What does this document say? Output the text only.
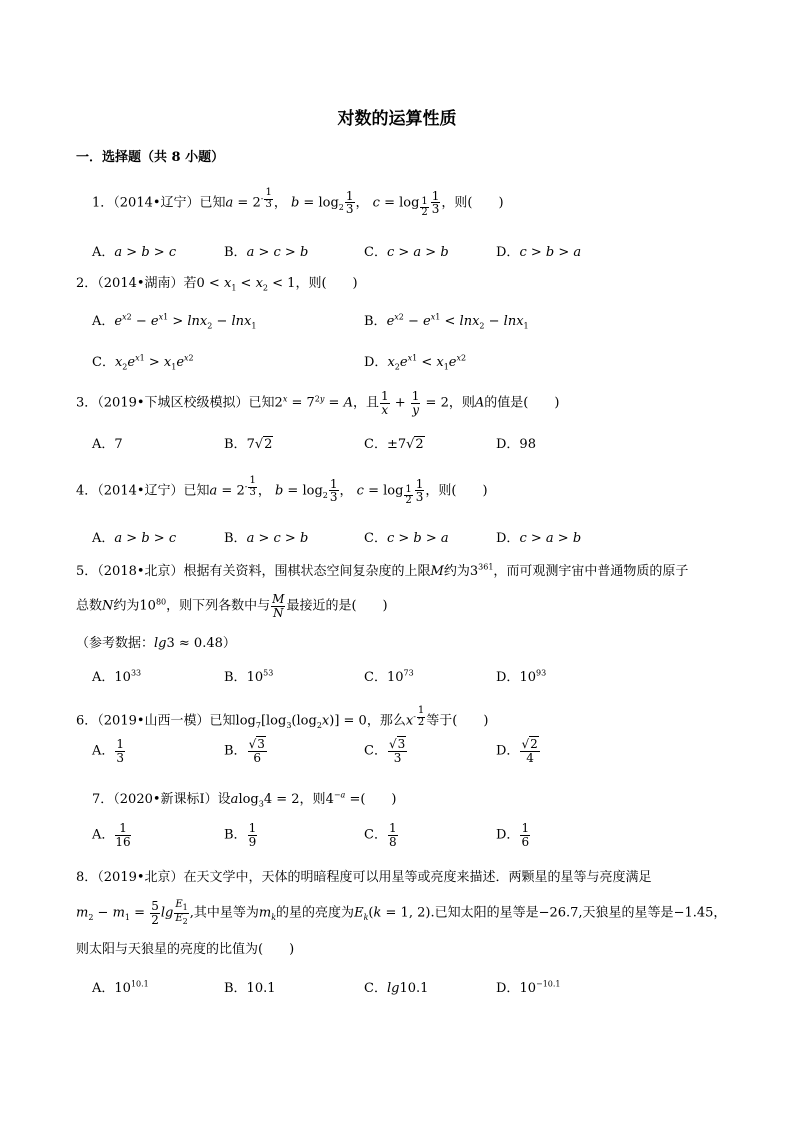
对数的运算性质
一．选择题（共 8 小题）
1．（2014•辽宁）已知$a = 2^{- \frac{1}{3}}$ ， $b = \log_2 \frac{1}{3}$ ， $c = \log _{\frac{1}{2}} \frac{1}{3}$ ，则(　　)
A．a > b > c	B．a > c > b	C．c > a > b	D．c > b > a
2．（2014•湖南）若$0 < x_1 < x_2 < 1$，则(　　)
A．$e^{x2} - e^{x1} > \ln x_2 - \ln x_1$	B．$e^{x2} - e^{x1} < \ln x_2 - \ln x_1$
C．$x_2e^{x1} > x_1e^{x2}$	D．$x_2e^{x1} < x_1e^{x2}$
3．（2019•下城区校级模拟）已知$2^x = 7^{2y} = A$，且 $\frac{1}{x} + \frac{1}{y} = 2$，则A的值是(　　)
A．7	B．7√2	C．±7√2	D．98
4．（2014•辽宁）已知$a = 2^{- \frac{1}{3}}$ ， $b = \log_2 \frac{1}{3}$ ， $c = \log _{\frac{1}{2}} \frac{1}{3}$ ，则(　　)
A．a > b > c	B．a > c > b	C．c > b > a	D．c > a > b
5．（2018•北京）根据有关资料，围棋状态空间复杂度的上限M约为$3^{361}$，而可观测宇宙中普通物质的原子
总数N约为$10^{80}$，则下列各数中与 $\frac{M}{N}$ 最接近的是(　　)
（参考数据：lg3 ≈ 0.48）
A．$10^{33}$	B．$10^{53}$	C．$10^{73}$	D．$10^{93}$
6．（2019•山西一模）已知$\log_7[\log_3(\log_2x)] = 0$，那么$x^{- \frac{1}{2}}$ 等于(　　)
A． $\frac{1}{3}$	B． $\frac{√3}{6}$	C． $\frac{√3}{3}$	D． $\frac{√2}{4}$
7．（2020•新课标Ⅰ）设alog$_3$4 = 2，则$4^{-a}$ =(　　)
A． $\frac{1}{16}$	B． $\frac{1}{9}$	C． $\frac{1}{8}$	D． $\frac{1}{6}$
8．（2019•北京）在天文学中，天体的明暗程度可以用星等或亮度来描述．两颗星的星等与亮度满足
$m_2 - m_1 = \frac{5}{2}$ $\lg \frac{E_1}{E_2}$ ,其中星等为$m_k$的星的亮度为$E_k(k = 1$, 2).已知太阳的星等是−26.7,天狼星的星等是−1.45，
则太阳与天狼星的亮度的比值为(　　)
A．$10^{10.1}$	B．10.1	C．lg10.1	D．$10^{-10.1}$
